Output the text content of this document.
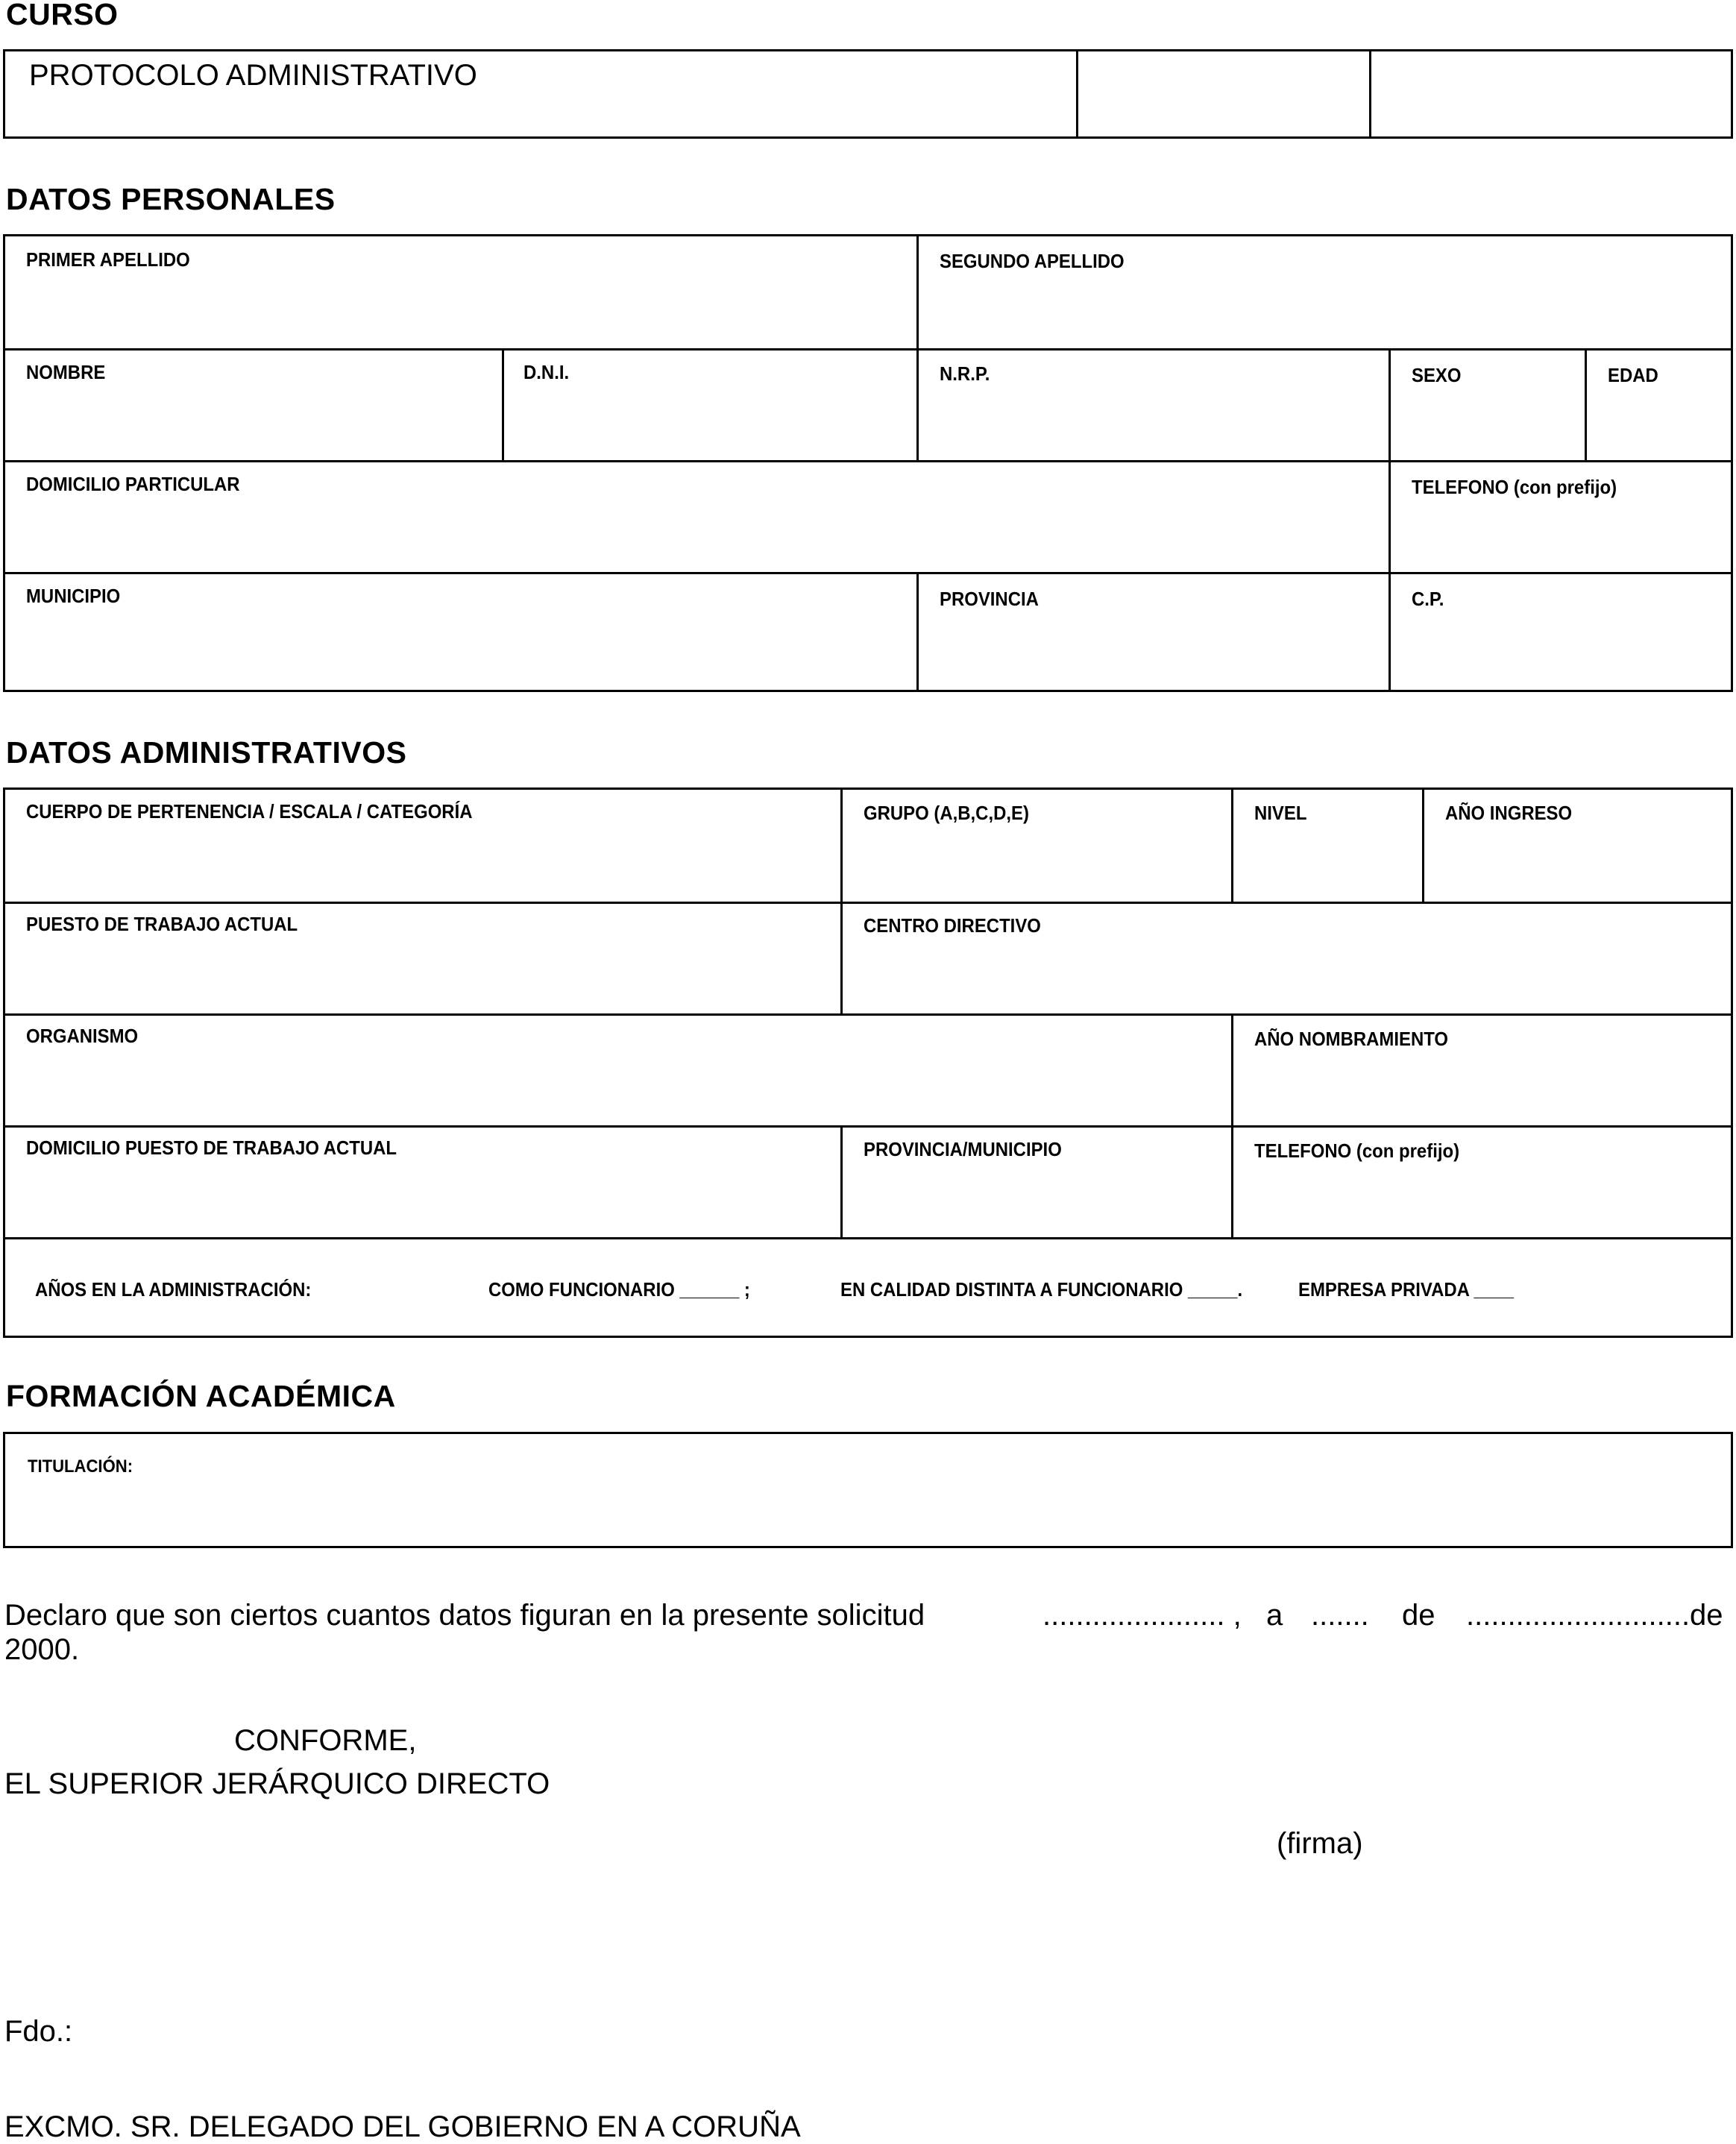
CURSO
PROTOCOLO ADMINISTRATIVO
DATOS PERSONALES
PRIMER APELLIDO	SEGUNDO APELLIDO
NOMBRE	D.N.I.	N.R.P.	SEXO	EDAD
DOMICILIO PARTICULAR	TELEFONO (con prefijo)
MUNICIPIO	PROVINCIA	C.P.
DATOS ADMINISTRATIVOS
CUERPO DE PERTENENCIA / ESCALA / CATEGORÍA	GRUPO (A,B,C,D,E)	NIVEL	AÑO INGRESO
PUESTO DE TRABAJO ACTUAL	CENTRO DIRECTIVO
ORGANISMO	AÑO NOMBRAMIENTO
DOMICILIO PUESTO DE TRABAJO ACTUAL	PROVINCIA/MUNICIPIO	TELEFONO (con prefijo)
AÑOS EN LA ADMINISTRACIÓN:	COMO FUNCIONARIO ______ ;	EN CALIDAD DISTINTA A FUNCIONARIO _____.	EMPRESA PRIVADA ____
FORMACIÓN ACADÉMICA
TITULACIÓN:
Declaro que son ciertos cuantos datos figuran en la presente solicitud	...................... , a ....... de ...........................de
2000.
CONFORME,
EL SUPERIOR JERÁRQUICO DIRECTO
(firma)
Fdo.:
EXCMO. SR. DELEGADO DEL GOBIERNO EN A CORUÑA
